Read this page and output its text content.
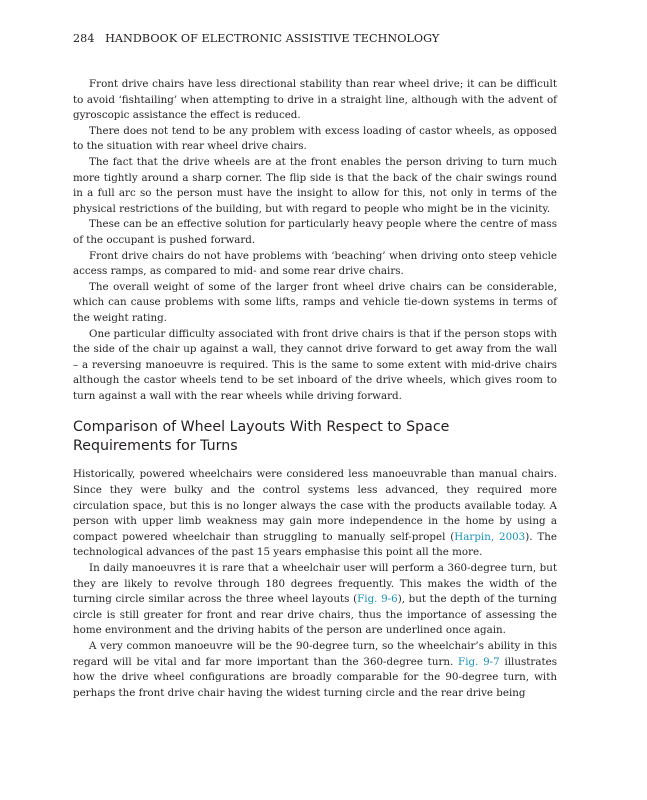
284 HANDBOOK OF ELECTRONIC ASSISTIVE TECHNOLOGY

Front drive chairs have less directional stability than rear wheel drive; it can be difficult to avoid ‘fishtailing’ when attempting to drive in a straight line, although with the advent of gyroscopic assistance the effect is reduced.

There does not tend to be any problem with excess loading of castor wheels, as opposed to the situation with rear wheel drive chairs.

The fact that the drive wheels are at the front enables the person driving to turn much more tightly around a sharp corner. The flip side is that the back of the chair swings round in a full arc so the person must have the insight to allow for this, not only in terms of the physical restrictions of the building, but with regard to people who might be in the vicinity.

These can be an effective solution for particularly heavy people where the centre of mass of the occupant is pushed forward.

Front drive chairs do not have problems with ‘beaching’ when driving onto steep vehicle access ramps, as compared to mid- and some rear drive chairs.

The overall weight of some of the larger front wheel drive chairs can be considerable, which can cause problems with some lifts, ramps and vehicle tie-down systems in terms of the weight rating.

One particular difficulty associated with front drive chairs is that if the person stops with the side of the chair up against a wall, they cannot drive forward to get away from the wall – a reversing manoeuvre is required. This is the same to some extent with mid-drive chairs although the castor wheels tend to be set inboard of the drive wheels, which gives room to turn against a wall with the rear wheels while driving forward.

Comparison of Wheel Layouts With Respect to Space Requirements for Turns

Historically, powered wheelchairs were considered less manoeuvrable than manual chairs. Since they were bulky and the control systems less advanced, they required more circulation space, but this is no longer always the case with the products available today. A person with upper limb weakness may gain more independence in the home by using a compact powered wheelchair than struggling to manually self-propel (Harpin, 2003). The technological advances of the past 15 years emphasise this point all the more.

In daily manoeuvres it is rare that a wheelchair user will perform a 360-degree turn, but they are likely to revolve through 180 degrees frequently. This makes the width of the turning circle similar across the three wheel layouts (Fig. 9-6), but the depth of the turning circle is still greater for front and rear drive chairs, thus the importance of assessing the home environment and the driving habits of the person are underlined once again.

A very common manoeuvre will be the 90-degree turn, so the wheelchair’s ability in this regard will be vital and far more important than the 360-degree turn. Fig. 9-7 illustrates how the drive wheel configurations are broadly comparable for the 90-degree turn, with perhaps the front drive chair having the widest turning circle and the rear drive being
